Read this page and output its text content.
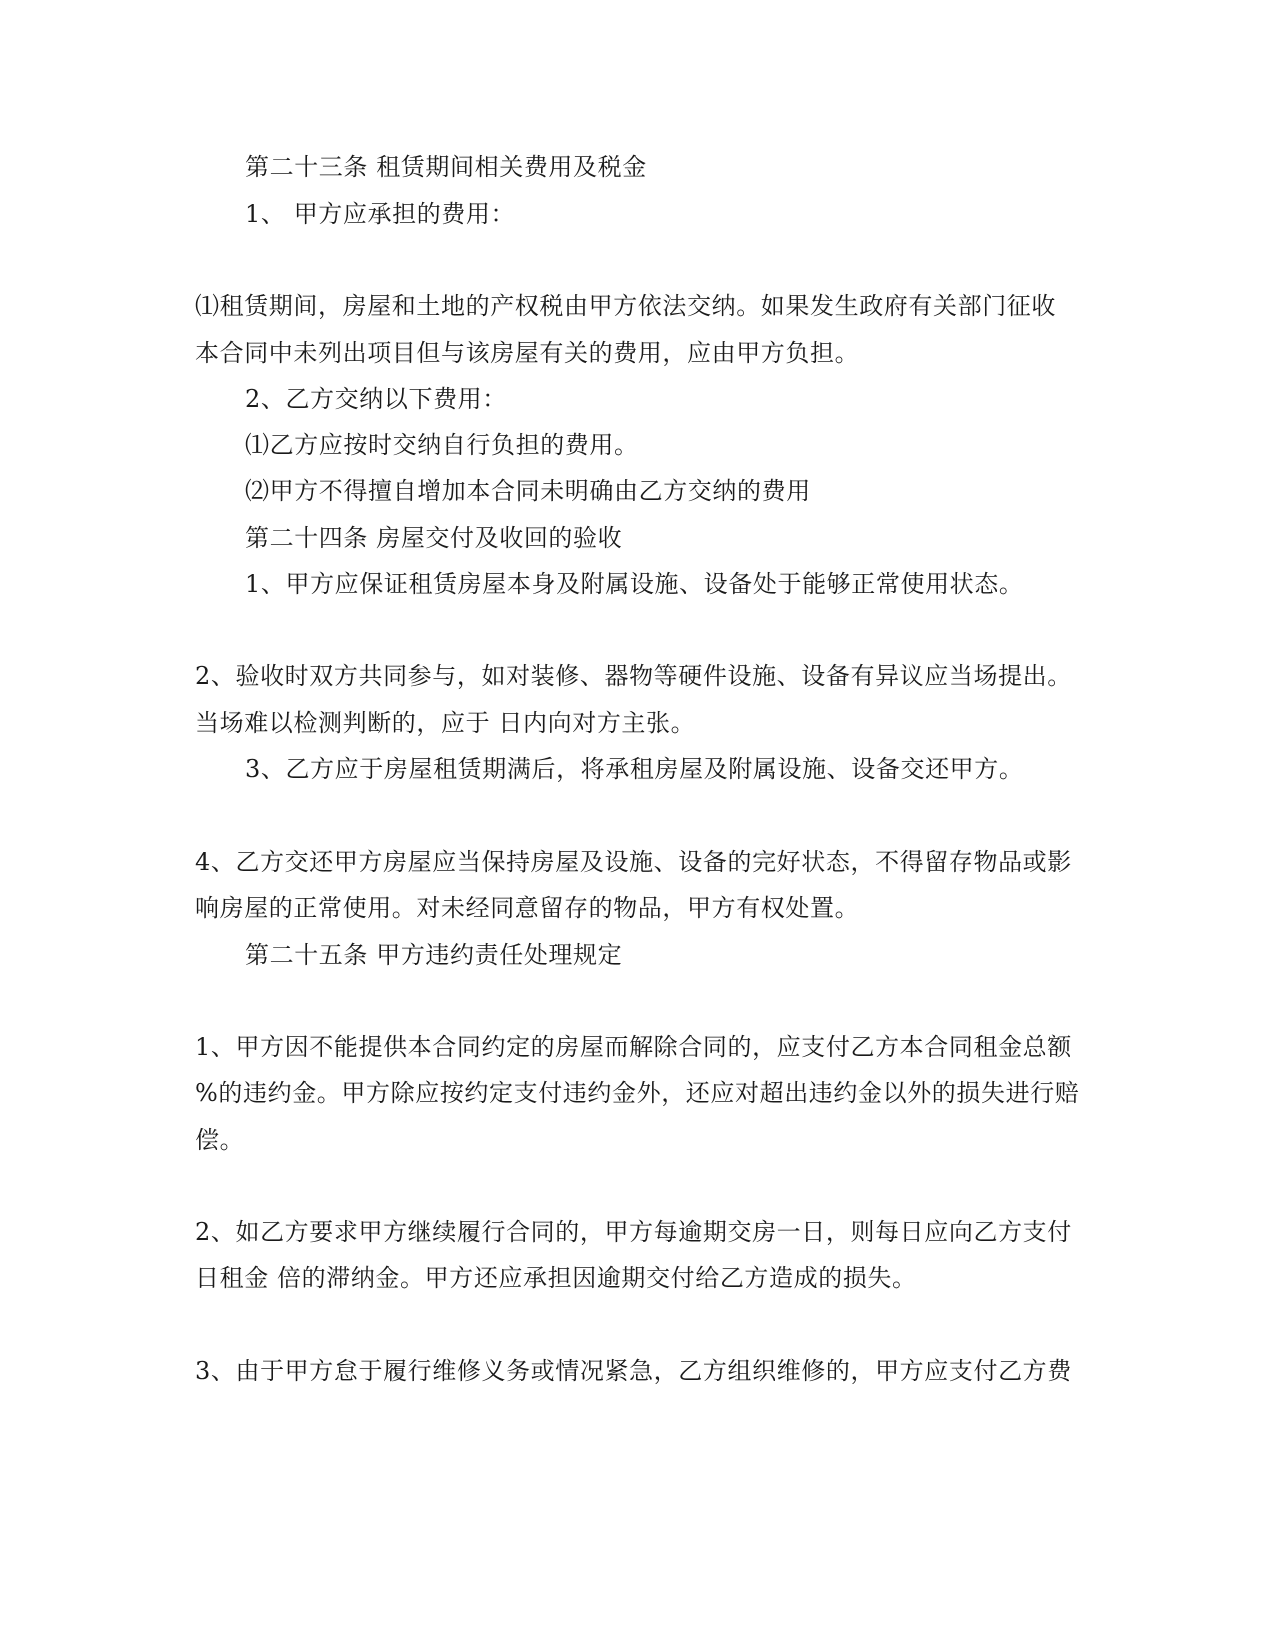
第二十三条 租赁期间相关费用及税金
1、 甲方应承担的费用：
⑴租赁期间，房屋和土地的产权税由甲方依法交纳。如果发生政府有关部门征收
本合同中未列出项目但与该房屋有关的费用，应由甲方负担。
2、乙方交纳以下费用：
⑴乙方应按时交纳自行负担的费用。
⑵甲方不得擅自增加本合同未明确由乙方交纳的费用
第二十四条 房屋交付及收回的验收
1、甲方应保证租赁房屋本身及附属设施、设备处于能够正常使用状态。
2、验收时双方共同参与，如对装修、器物等硬件设施、设备有异议应当场提出。
当场难以检测判断的，应于 日内向对方主张。
3、乙方应于房屋租赁期满后，将承租房屋及附属设施、设备交还甲方。
4、乙方交还甲方房屋应当保持房屋及设施、设备的完好状态，不得留存物品或影
响房屋的正常使用。对未经同意留存的物品，甲方有权处置。
第二十五条 甲方违约责任处理规定
1、甲方因不能提供本合同约定的房屋而解除合同的，应支付乙方本合同租金总额
%的违约金。甲方除应按约定支付违约金外，还应对超出违约金以外的损失进行赔
偿。
2、如乙方要求甲方继续履行合同的，甲方每逾期交房一日，则每日应向乙方支付
日租金 倍的滞纳金。甲方还应承担因逾期交付给乙方造成的损失。
3、由于甲方怠于履行维修义务或情况紧急，乙方组织维修的，甲方应支付乙方费
